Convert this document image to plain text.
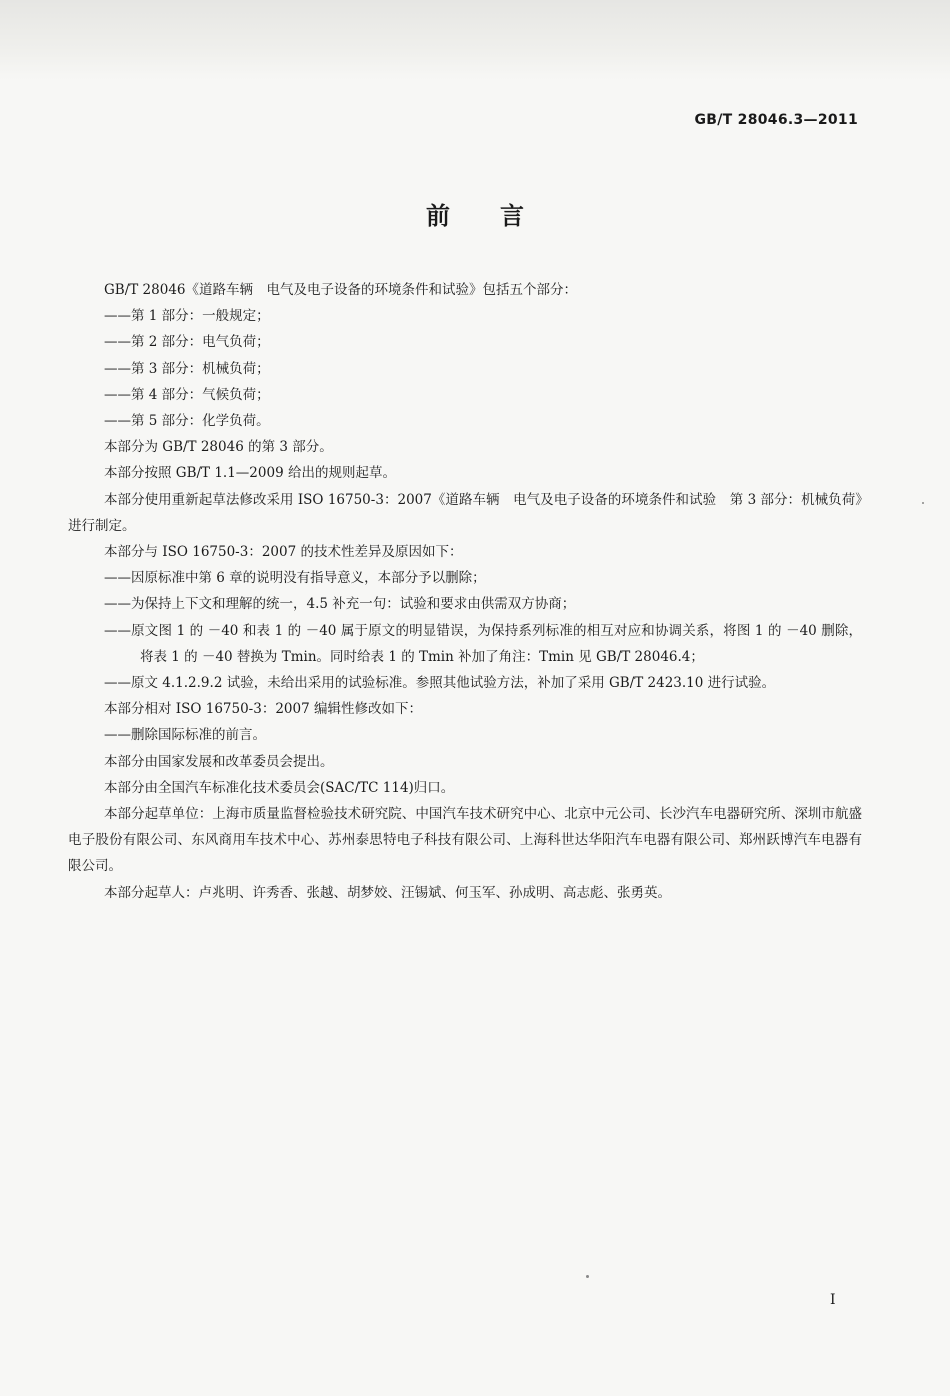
GB/T 28046.3—2011
前言

GB/T 28046《道路车辆　电气及电子设备的环境条件和试验》包括五个部分：

——第 1 部分：一般规定；

——第 2 部分：电气负荷；

——第 3 部分：机械负荷；

——第 4 部分：气候负荷；

——第 5 部分：化学负荷。

本部分为 GB/T 28046 的第 3 部分。

本部分按照 GB/T 1.1—2009 给出的规则起草。

本部分使用重新起草法修改采用 ISO 16750-3：2007《道路车辆　电气及电子设备的环境条件和试验　第 3 部分：机械负荷》进行制定。

本部分与 ISO 16750-3：2007 的技术性差异及原因如下：

——因原标准中第 6 章的说明没有指导意义，本部分予以删除；

——为保持上下文和理解的统一，4.5 补充一句：试验和要求由供需双方协商；

——原文图 1 的 －40 和表 1 的 －40 属于原文的明显错误，为保持系列标准的相互对应和协调关系，将图 1 的 －40 删除，将表 1 的 －40 替换为 Tmin。同时给表 1 的 Tmin 补加了角注：Tmin 见 GB/T 28046.4；

——原文 4.1.2.9.2 试验，未给出采用的试验标准。参照其他试验方法，补加了采用 GB/T 2423.10 进行试验。

本部分相对 ISO 16750-3：2007 编辑性修改如下：

——删除国际标准的前言。

本部分由国家发展和改革委员会提出。

本部分由全国汽车标准化技术委员会(SAC/TC 114)归口。

本部分起草单位：上海市质量监督检验技术研究院、中国汽车技术研究中心、北京中元公司、长沙汽车电器研究所、深圳市航盛电子股份有限公司、东风商用车技术中心、苏州泰思特电子科技有限公司、上海科世达华阳汽车电器有限公司、郑州跃博汽车电器有限公司。

本部分起草人：卢兆明、许秀香、张越、胡梦姣、汪锡斌、何玉军、孙成明、高志彪、张勇英。

I
